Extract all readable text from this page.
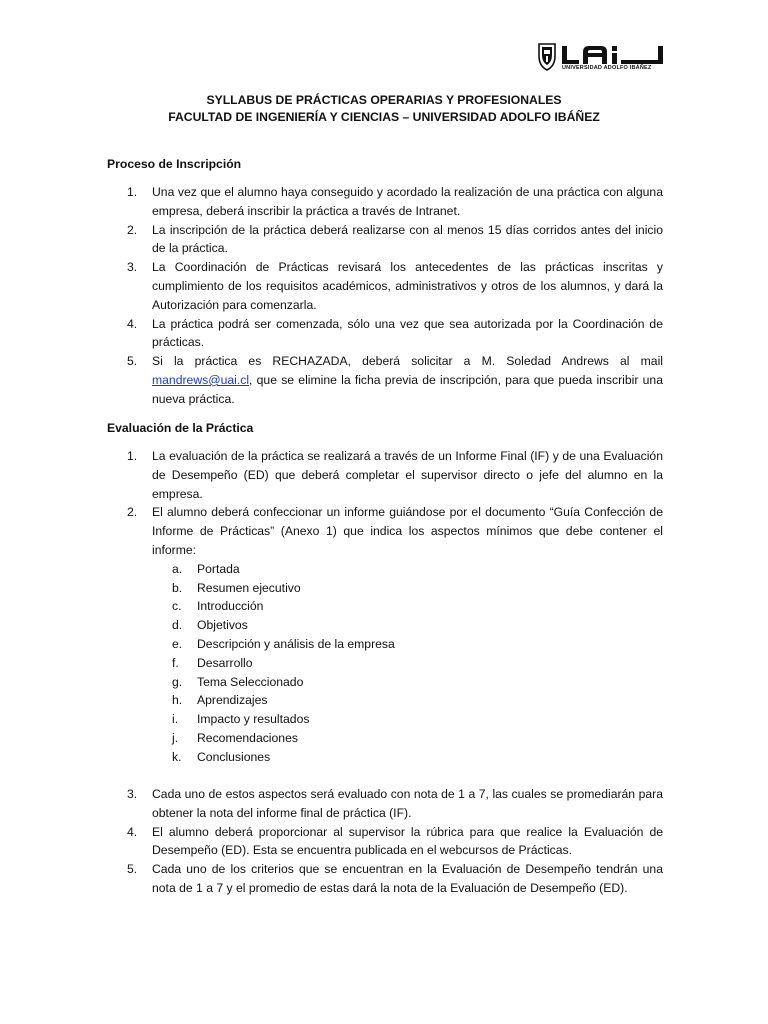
UNIVERSIDAD ADOLFO IBÁÑEZ
SYLLABUS DE PRÁCTICAS OPERARIAS Y PROFESIONALES
FACULTAD DE INGENIERÍA Y CIENCIAS – UNIVERSIDAD ADOLFO IBÁÑEZ
Proceso de Inscripción
1. Una vez que el alumno haya conseguido y acordado la realización de una práctica con alguna empresa, deberá inscribir la práctica a través de Intranet.
2. La inscripción de la práctica deberá realizarse con al menos 15 días corridos antes del inicio de la práctica.
3. La Coordinación de Prácticas revisará los antecedentes de las prácticas inscritas y cumplimiento de los requisitos académicos, administrativos y otros de los alumnos, y dará la Autorización para comenzarla.
4. La práctica podrá ser comenzada, sólo una vez que sea autorizada por la Coordinación de prácticas.
5. Si la práctica es RECHAZADA, deberá solicitar a M. Soledad Andrews al mail mandrews@uai.cl, que se elimine la ficha previa de inscripción, para que pueda inscribir una nueva práctica.
Evaluación de la Práctica
1. La evaluación de la práctica se realizará a través de un Informe Final (IF) y de una Evaluación de Desempeño (ED) que deberá completar el supervisor directo o jefe del alumno en la empresa.
2. El alumno deberá confeccionar un informe guiándose por el documento “Guía Confección de Informe de Prácticas” (Anexo 1) que indica los aspectos mínimos que debe contener el informe:
a. Portada
b. Resumen ejecutivo
c. Introducción
d. Objetivos
e. Descripción y análisis de la empresa
f. Desarrollo
g. Tema Seleccionado
h. Aprendizajes
i. Impacto y resultados
j. Recomendaciones
k. Conclusiones
3. Cada uno de estos aspectos será evaluado con nota de 1 a 7, las cuales se promediarán para obtener la nota del informe final de práctica (IF).
4. El alumno deberá proporcionar al supervisor la rúbrica para que realice la Evaluación de Desempeño (ED). Esta se encuentra publicada en el webcursos de Prácticas.
5. Cada uno de los criterios que se encuentran en la Evaluación de Desempeño tendrán una nota de 1 a 7 y el promedio de estas dará la nota de la Evaluación de Desempeño (ED).
